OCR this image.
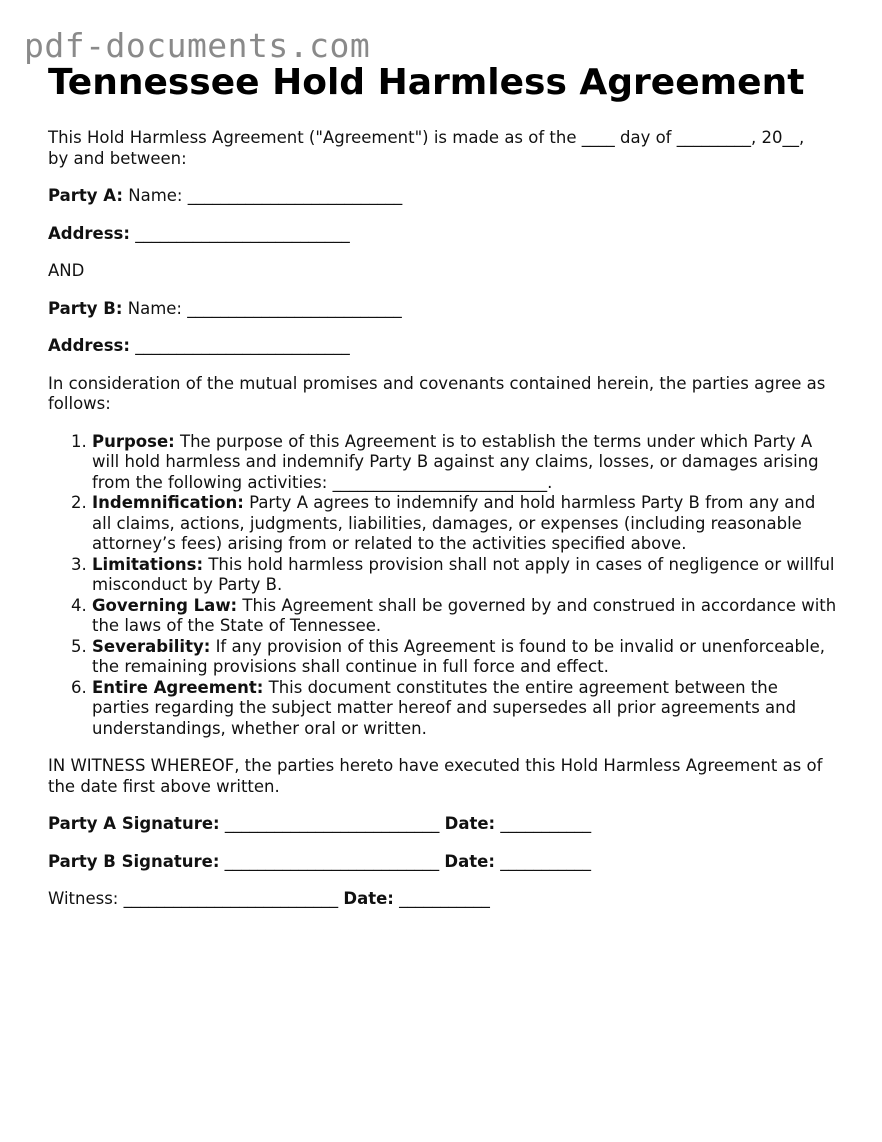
pdf-documents.com
Tennessee Hold Harmless Agreement

This Hold Harmless Agreement ("Agreement") is made as of the ____ day of _________, 20__, by and between:

Party A: Name: __________________________

Address: __________________________

AND

Party B: Name: __________________________

Address: __________________________

In consideration of the mutual promises and covenants contained herein, the parties agree as follows:

1. Purpose: The purpose of this Agreement is to establish the terms under which Party A will hold harmless and indemnify Party B against any claims, losses, or damages arising from the following activities: __________________________.
2. Indemnification: Party A agrees to indemnify and hold harmless Party B from any and all claims, actions, judgments, liabilities, damages, or expenses (including reasonable attorney’s fees) arising from or related to the activities specified above.
3. Limitations: This hold harmless provision shall not apply in cases of negligence or willful misconduct by Party B.
4. Governing Law: This Agreement shall be governed by and construed in accordance with the laws of the State of Tennessee.
5. Severability: If any provision of this Agreement is found to be invalid or unenforceable, the remaining provisions shall continue in full force and effect.
6. Entire Agreement: This document constitutes the entire agreement between the parties regarding the subject matter hereof and supersedes all prior agreements and understandings, whether oral or written.

IN WITNESS WHEREOF, the parties hereto have executed this Hold Harmless Agreement as of the date first above written.

Party A Signature: __________________________ Date: ___________

Party B Signature: __________________________ Date: ___________

Witness: __________________________ Date: ___________
